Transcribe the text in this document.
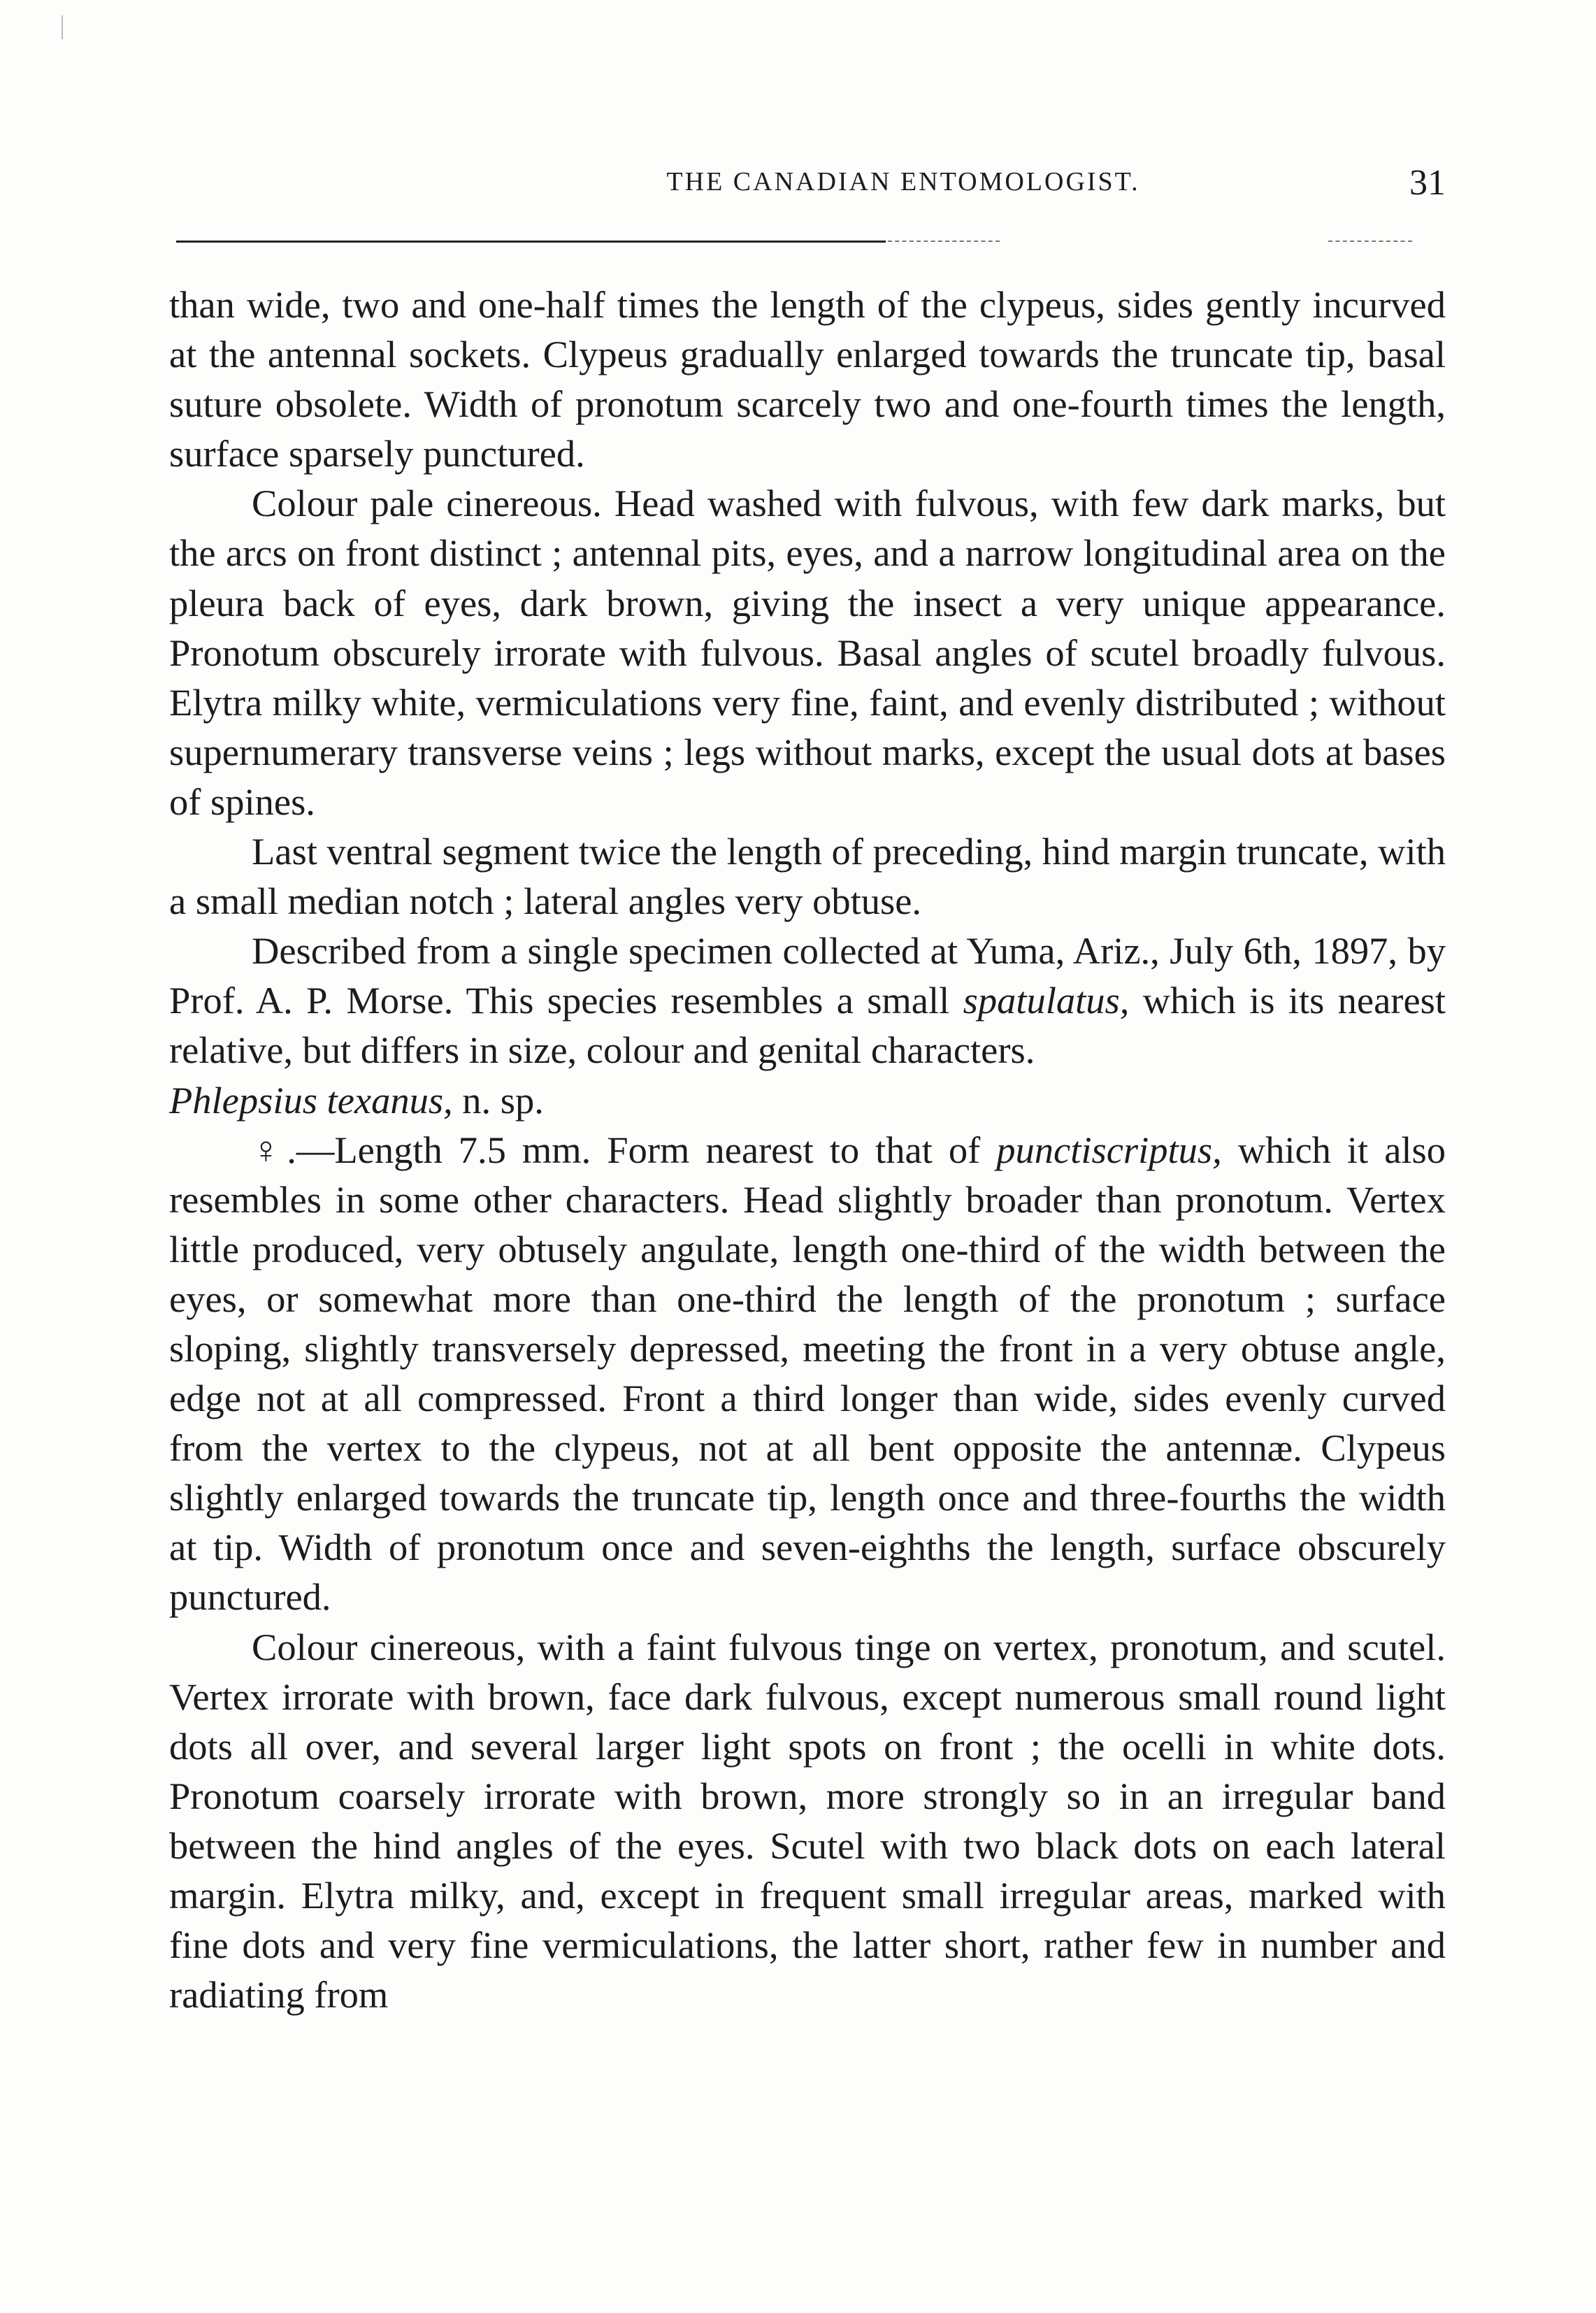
THE CANADIAN ENTOMOLOGIST.	31

than wide, two and one-half times the length of the clypeus, sides gently incurved at the antennal sockets. Clypeus gradually enlarged towards the truncate tip, basal suture obsolete. Width of pronotum scarcely two and one-fourth times the length, surface sparsely punctured.

Colour pale cinereous. Head washed with fulvous, with few dark marks, but the arcs on front distinct ; antennal pits, eyes, and a narrow longitudinal area on the pleura back of eyes, dark brown, giving the insect a very unique appearance. Pronotum obscurely irrorate with fulvous. Basal angles of scutel broadly fulvous. Elytra milky white, vermiculations very fine, faint, and evenly distributed ; without supernumerary transverse veins ; legs without marks, except the usual dots at bases of spines.

Last ventral segment twice the length of preceding, hind margin truncate, with a small median notch ; lateral angles very obtuse.

Described from a single specimen collected at Yuma, Ariz., July 6th, 1897, by Prof. A. P. Morse. This species resembles a small spatulatus, which is its nearest relative, but differs in size, colour and genital characters.

Phlepsius texanus, n. sp.

♀.—Length 7.5 mm. Form nearest to that of punctiscriptus, which it also resembles in some other characters. Head slightly broader than pronotum. Vertex little produced, very obtusely angulate, length one-third of the width between the eyes, or somewhat more than one-third the length of the pronotum ; surface sloping, slightly transversely depressed, meeting the front in a very obtuse angle, edge not at all compressed. Front a third longer than wide, sides evenly curved from the vertex to the clypeus, not at all bent opposite the antennæ. Clypeus slightly enlarged towards the truncate tip, length once and three-fourths the width at tip. Width of pronotum once and seven-eighths the length, surface obscurely punctured.

Colour cinereous, with a faint fulvous tinge on vertex, pronotum, and scutel. Vertex irrorate with brown, face dark fulvous, except numerous small round light dots all over, and several larger light spots on front ; the ocelli in white dots. Pronotum coarsely irrorate with brown, more strongly so in an irregular band between the hind angles of the eyes. Scutel with two black dots on each lateral margin. Elytra milky, and, except in frequent small irregular areas, marked with fine dots and very fine vermiculations, the latter short, rather few in number and radiating from
